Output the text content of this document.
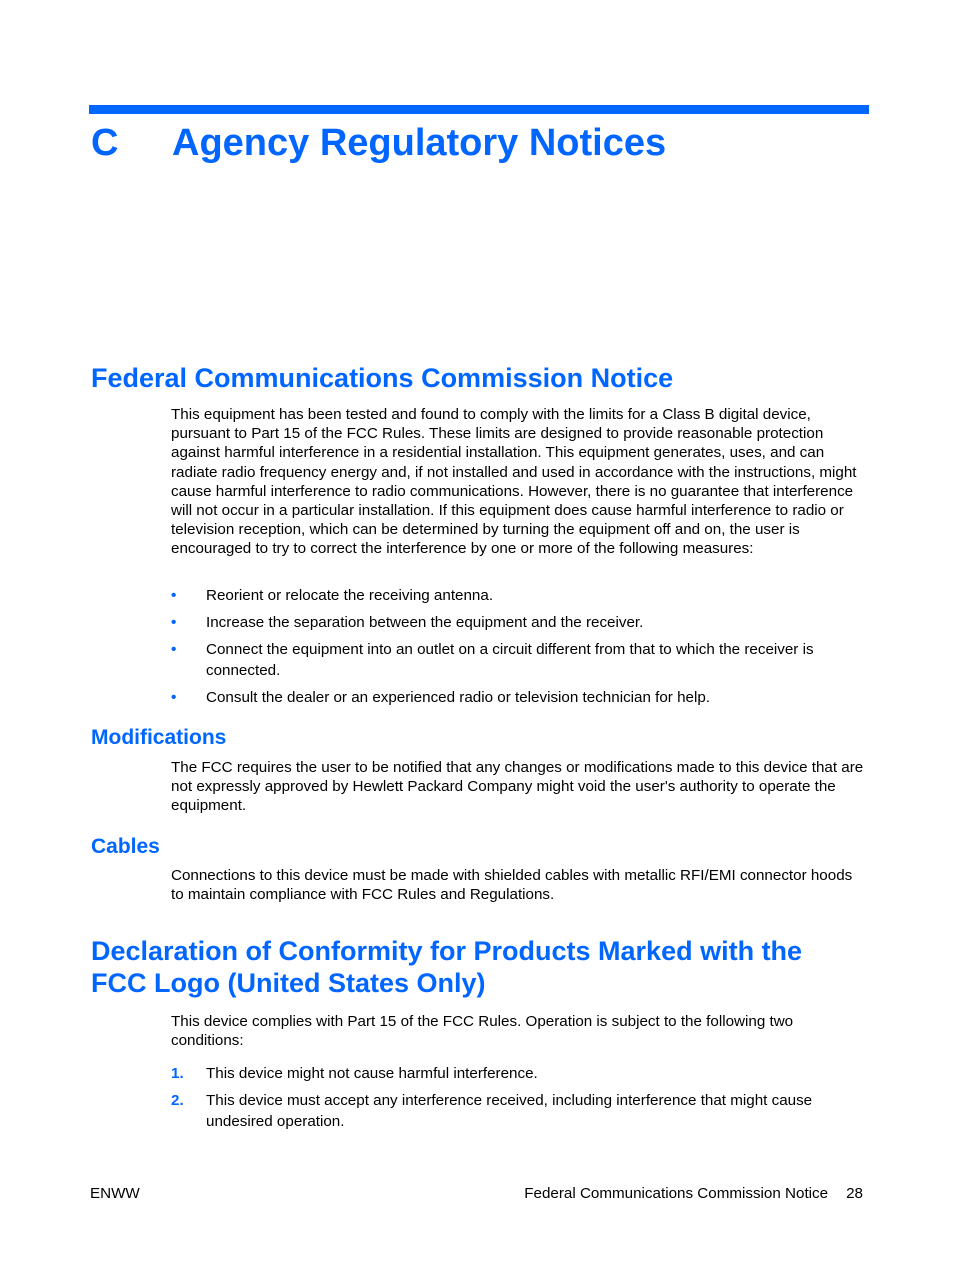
C Agency Regulatory Notices
Federal Communications Commission Notice

This equipment has been tested and found to comply with the limits for a Class B digital device, pursuant to Part 15 of the FCC Rules. These limits are designed to provide reasonable protection against harmful interference in a residential installation. This equipment generates, uses, and can radiate radio frequency energy and, if not installed and used in accordance with the instructions, might cause harmful interference to radio communications. However, there is no guarantee that interference will not occur in a particular installation. If this equipment does cause harmful interference to radio or television reception, which can be determined by turning the equipment off and on, the user is encouraged to try to correct the interference by one or more of the following measures:

• Reorient or relocate the receiving antenna.
• Increase the separation between the equipment and the receiver.
• Connect the equipment into an outlet on a circuit different from that to which the receiver is connected.
• Consult the dealer or an experienced radio or television technician for help.
Modifications

The FCC requires the user to be notified that any changes or modifications made to this device that are not expressly approved by Hewlett Packard Company might void the user's authority to operate the equipment.

Cables

Connections to this device must be made with shielded cables with metallic RFI/EMI connector hoods to maintain compliance with FCC Rules and Regulations.

Declaration of Conformity for Products Marked with the
FCC Logo (United States Only)

This device complies with Part 15 of the FCC Rules. Operation is subject to the following two conditions:

1. This device might not cause harmful interference.
2. This device must accept any interference received, including interference that might cause undesired operation.
ENWW	Federal Communications Commission Notice 28
